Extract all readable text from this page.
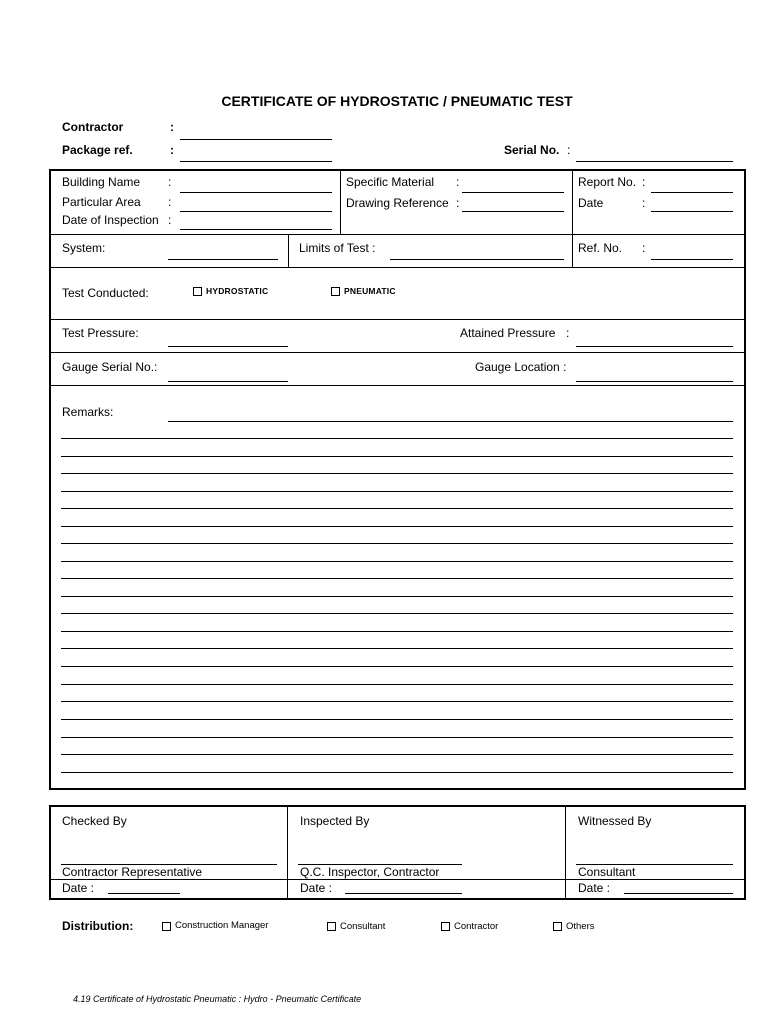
CERTIFICATE OF HYDROSTATIC / PNEUMATIC TEST
Contractor	:
Package ref.	:	Serial No. :
Building Name :
Particular Area :
Date of Inspection :
Specific Material :
Drawing Reference :
Report No. :
Date	:
System:	Limits of Test :	Ref. No. :
Test Conducted:	HYDROSTATIC	PNEUMATIC
Test Pressure:	Attained Pressure :
Gauge Serial No.:	Gauge Location :
Remarks:
Checked By	Inspected By	Witnessed By
Contractor Representative	Q.C. Inspector, Contractor	Consultant
Date :	Date :	Date :
Distribution:	Construction Manager	Consultant	Contractor	Others
4.19 Certificate of Hydrostatic Pneumatic : Hydro - Pneumatic Certificate
